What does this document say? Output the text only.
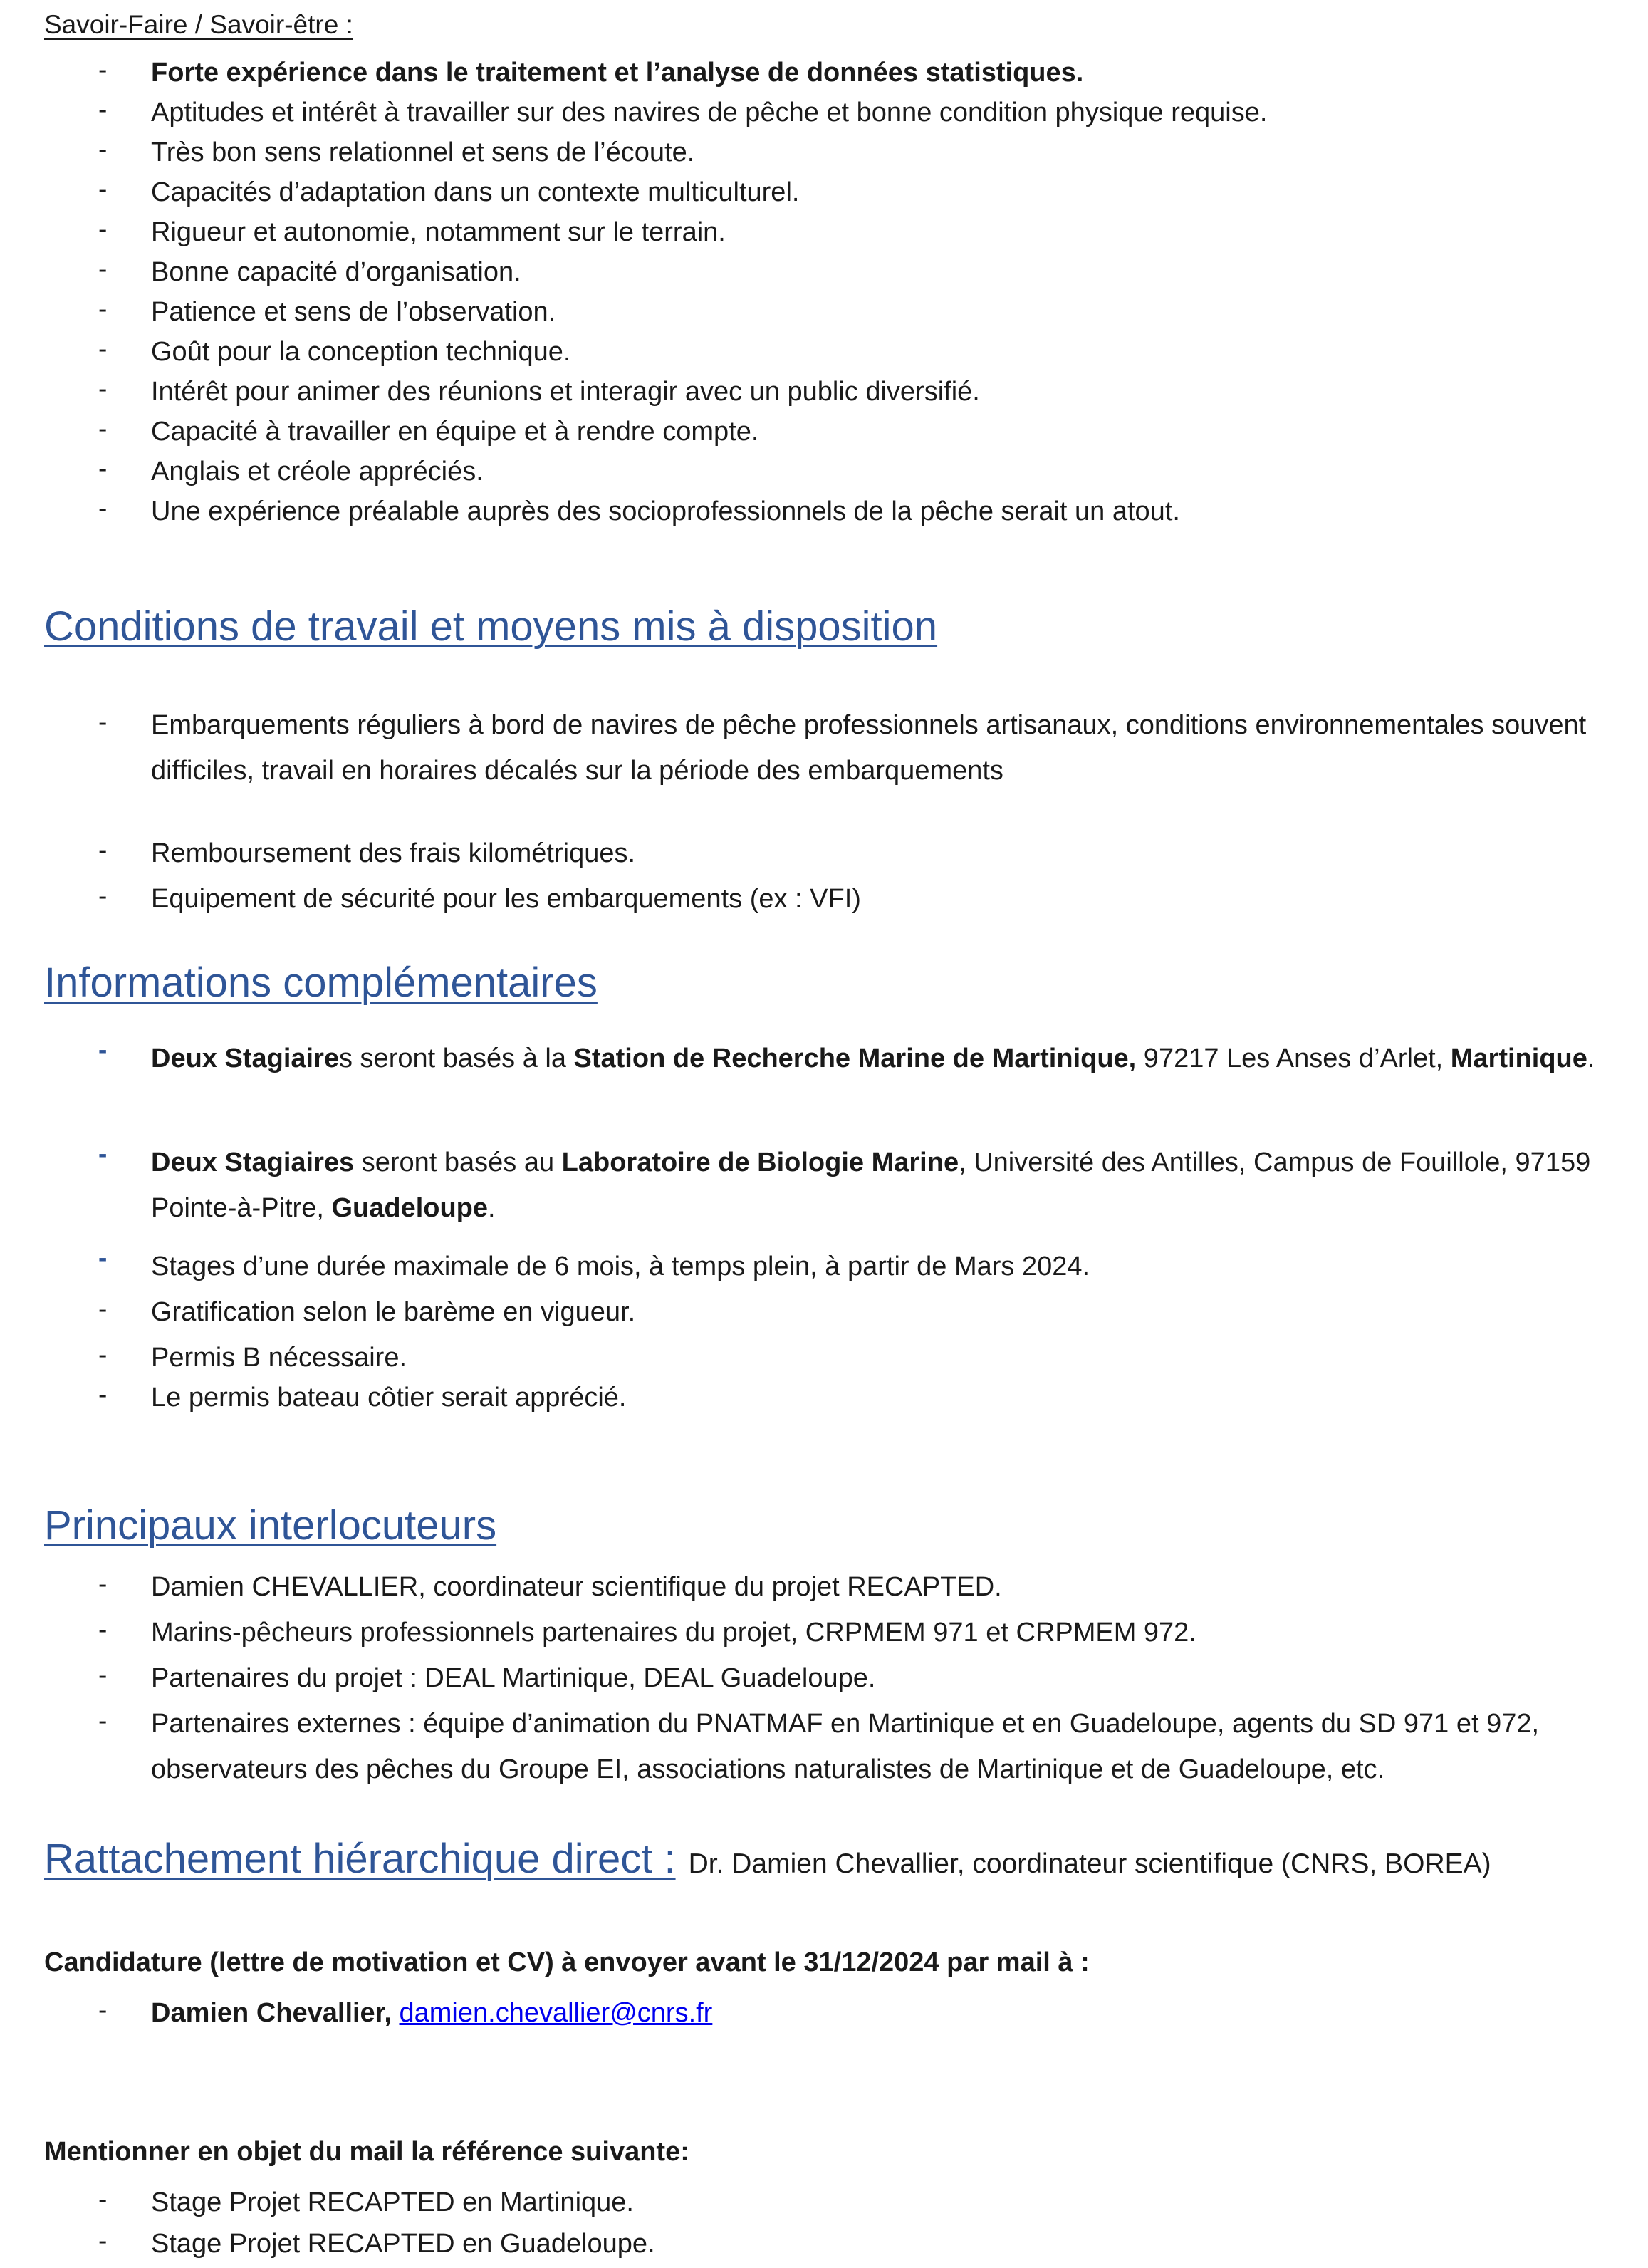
Savoir-Faire / Savoir-être :
- Forte expérience dans le traitement et l’analyse de données statistiques.
- Aptitudes et intérêt à travailler sur des navires de pêche et bonne condition physique requise.
- Très bon sens relationnel et sens de l’écoute.
- Capacités d’adaptation dans un contexte multiculturel.
- Rigueur et autonomie, notamment sur le terrain.
- Bonne capacité d’organisation.
- Patience et sens de l’observation.
- Goût pour la conception technique.
- Intérêt pour animer des réunions et interagir avec un public diversifié.
- Capacité à travailler en équipe et à rendre compte.
- Anglais et créole appréciés.
- Une expérience préalable auprès des socioprofessionnels de la pêche serait un atout.
Conditions de travail et moyens mis à disposition
- Embarquements réguliers à bord de navires de pêche professionnels artisanaux, conditions environnementales souvent difficiles, travail en horaires décalés sur la période des embarquements
- Remboursement des frais kilométriques.
- Equipement de sécurité pour les embarquements (ex : VFI)
Informations complémentaires
- Deux Stagiaires seront basés à la Station de Recherche Marine de Martinique, 97217 Les Anses d’Arlet, Martinique.
- Deux Stagiaires seront basés au Laboratoire de Biologie Marine, Université des Antilles, Campus de Fouillole, 97159 Pointe-à-Pitre, Guadeloupe.
- Stages d’une durée maximale de 6 mois, à temps plein, à partir de Mars 2024.
- Gratification selon le barème en vigueur.
- Permis B nécessaire.
- Le permis bateau côtier serait apprécié.
Principaux interlocuteurs
- Damien CHEVALLIER, coordinateur scientifique du projet RECAPTED.
- Marins-pêcheurs professionnels partenaires du projet, CRPMEM 971 et CRPMEM 972.
- Partenaires du projet : DEAL Martinique, DEAL Guadeloupe.
- Partenaires externes : équipe d’animation du PNATMAF en Martinique et en Guadeloupe, agents du SD 971 et 972, observateurs des pêches du Groupe EI, associations naturalistes de Martinique et de Guadeloupe, etc.
Rattachement hiérarchique direct : Dr. Damien Chevallier, coordinateur scientifique (CNRS, BOREA)
Candidature (lettre de motivation et CV) à envoyer avant le 31/12/2024 par mail à :
- Damien Chevallier, damien.chevallier@cnrs.fr
Mentionner en objet du mail la référence suivante:
- Stage Projet RECAPTED en Martinique.
- Stage Projet RECAPTED en Guadeloupe.
